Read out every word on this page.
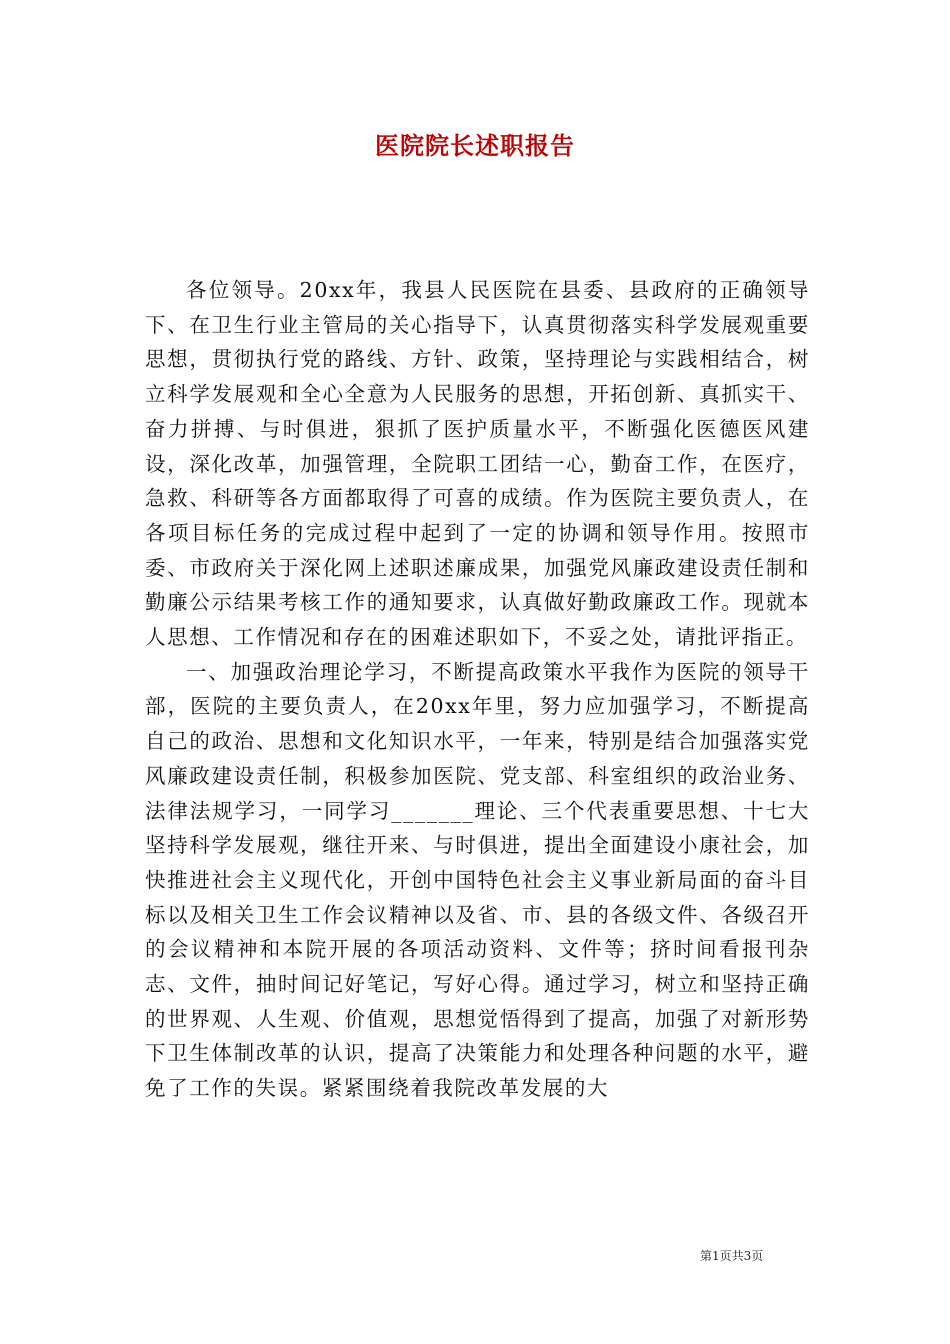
医院院长述职报告

各位领导。20xx年，我县人民医院在县委、县政府的正确领导下、在卫生行业主管局的关心指导下，认真贯彻落实科学发展观重要思想，贯彻执行党的路线、方针、政策，坚持理论与实践相结合，树立科学发展观和全心全意为人民服务的思想，开拓创新、真抓实干、奋力拼搏、与时俱进，狠抓了医护质量水平，不断强化医德医风建设，深化改革，加强管理，全院职工团结一心，勤奋工作，在医疗，急救、科研等各方面都取得了可喜的成绩。作为医院主要负责人，在各项目标任务的完成过程中起到了一定的协调和领导作用。按照市委、市政府关于深化网上述职述廉成果，加强党风廉政建设责任制和勤廉公示结果考核工作的通知要求，认真做好勤政廉政工作。现就本人思想、工作情况和存在的困难述职如下，不妥之处，请批评指正。

一、加强政治理论学习，不断提高政策水平我作为医院的领导干部，医院的主要负责人，在20xx年里，努力应加强学习，不断提高自己的政治、思想和文化知识水平，一年来，特别是结合加强落实党风廉政建设责任制，积极参加医院、党支部、科室组织的政治业务、法律法规学习，一同学习_______理论、三个代表重要思想、十七大坚持科学发展观，继往开来、与时俱进，提出全面建设小康社会，加快推进社会主义现代化，开创中国特色社会主义事业新局面的奋斗目标以及相关卫生工作会议精神以及省、市、县的各级文件、各级召开的会议精神和本院开展的各项活动资料、文件等；挤时间看报刊杂志、文件，抽时间记好笔记，写好心得。通过学习，树立和坚持正确的世界观、人生观、价值观，思想觉悟得到了提高，加强了对新形势下卫生体制改革的认识，提高了决策能力和处理各种问题的水平，避免了工作的失误。紧紧围绕着我院改革发展的大

第1页共3页
